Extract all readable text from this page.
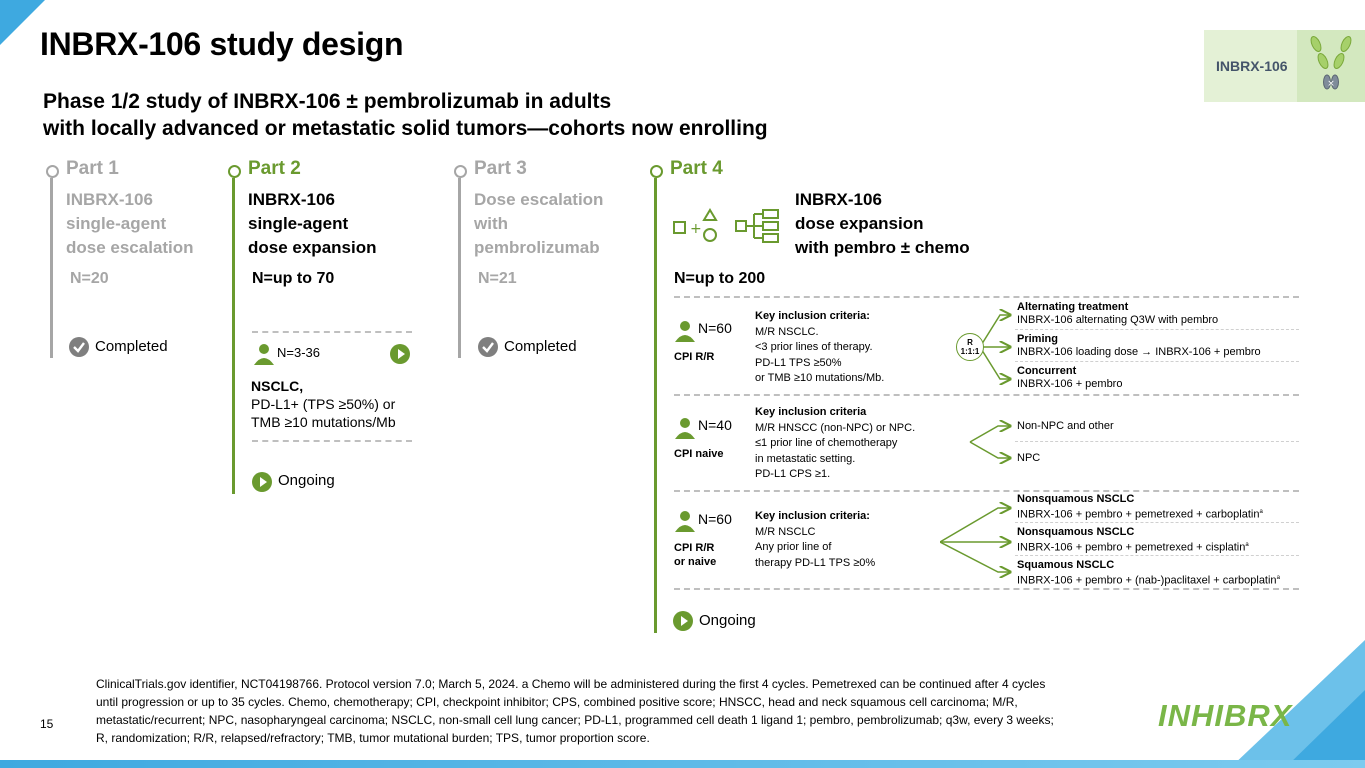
INBRX-106 study design
Phase 1/2 study of INBRX-106 ± pembrolizumab in adults
with locally advanced or metastatic solid tumors—cohorts now enrolling
INBRX-106
×
Part 1
INBRX-106
single-agent
dose escalation
N=20
Completed
Part 2
INBRX-106
single-agent
dose expansion
N=up to 70
N=3-36
NSCLC,
PD-L1+ (TPS ≥50%) or
TMB ≥10 mutations/Mb
Ongoing
Part 3
Dose escalation
with
pembrolizumab
N=21
Completed
Part 4
+
INBRX-106
dose expansion
with pembro ± chemo
N=up to 200
N=60
CPI R/R
Key inclusion criteria:
M/R NSCLC.
<3 prior lines of therapy.
PD-L1 TPS ≥50%
or TMB ≥10 mutations/Mb.
R 1:1:1
Alternating treatment
INBRX-106 alternating Q3W with pembro
Priming
INBRX-106 loading dose → INBRX-106 + pembro
Concurrent
INBRX-106 + pembro
N=40
CPI naive
Key inclusion criteria
M/R HNSCC (non-NPC) or NPC.
≤1 prior line of chemotherapy
in metastatic setting.
PD-L1 CPS ≥1.
Non-NPC and other
NPC
N=60
CPI R/R
or naive
Key inclusion criteria:
M/R NSCLC
Any prior line of
therapy PD-L1 TPS ≥0%
Nonsquamous NSCLC
INBRX-106 + pembro + pemetrexed + carboplatin$^a$
Nonsquamous NSCLC
INBRX-106 + pembro + pemetrexed + cisplatin$^a$
Squamous NSCLC
INBRX-106 + pembro + (nab-)paclitaxel + carboplatin$^a$
Ongoing
ClinicalTrials.gov identifier, NCT04198766. Protocol version 7.0; March 5, 2024. a Chemo will be administered during the first 4 cycles. Pemetrexed can be continued after 4 cycles until progression or up to 35 cycles. Chemo, chemotherapy; CPI, checkpoint inhibitor; CPS, combined positive score; HNSCC, head and neck squamous cell carcinoma; M/R, metastatic/recurrent; NPC, nasopharyngeal carcinoma; NSCLC, non-small cell lung cancer; PD-L1, programmed cell death 1 ligand 1; pembro, pembrolizumab; q3w, every 3 weeks; R, randomization; R/R, relapsed/refractory; TMB, tumor mutational burden; TPS, tumor proportion score.
15	INHIBRX
